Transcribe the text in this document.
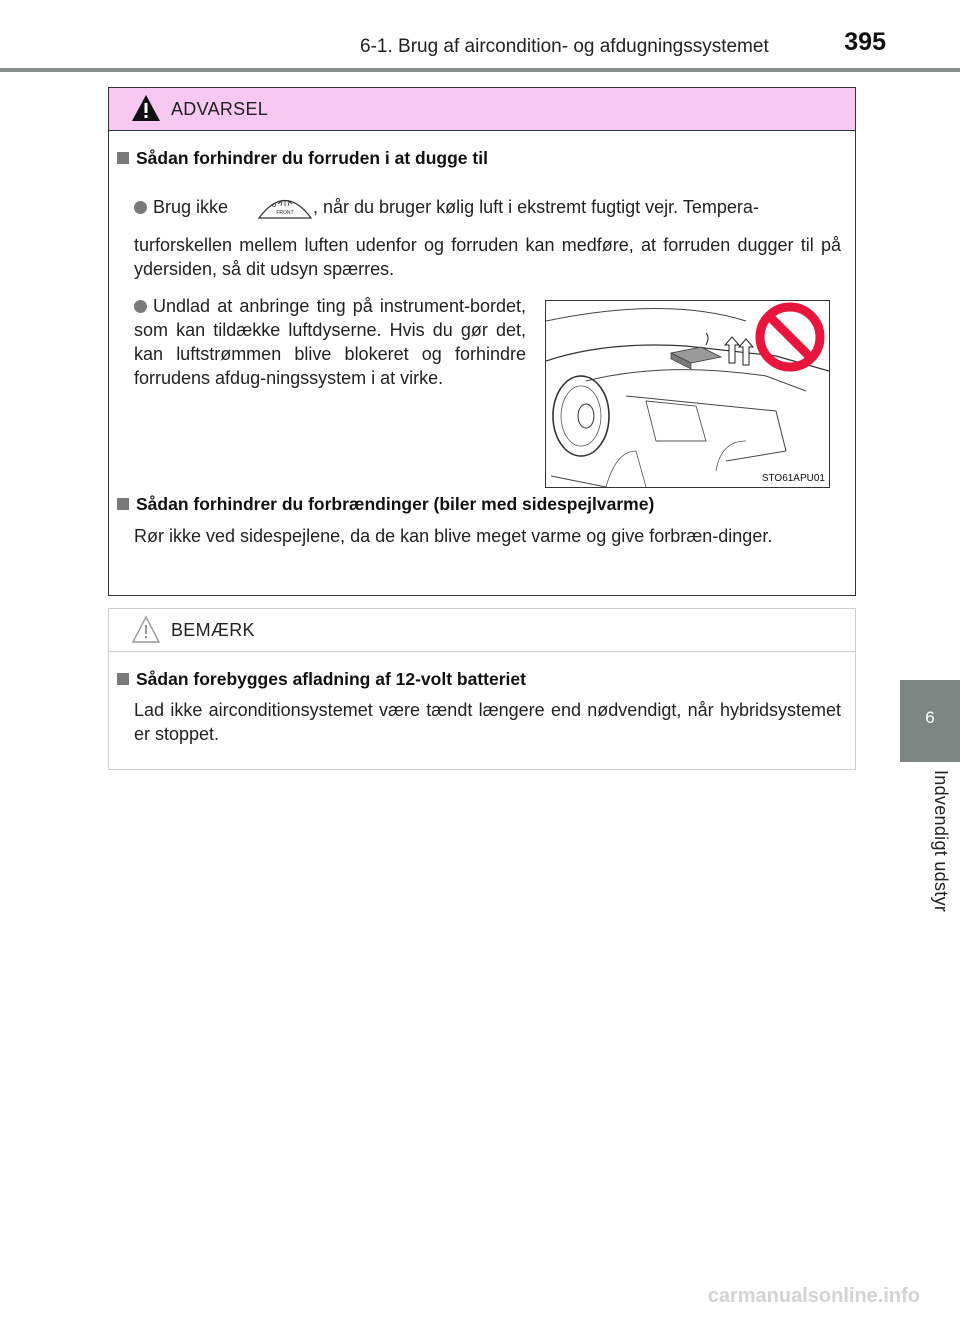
6-1. Brug af aircondition- og afdugningssystemet	395
6
Indvendigt udstyr
ADVARSEL
Sådan forhindrer du forruden i at dugge til
Brug ikke	FRONT , når du bruger kølig luft i ekstremt fugtigt vejr. Tempera-
turforskellen mellem luften udenfor og forruden kan medføre, at forruden dugger til på ydersiden, så dit udsyn spærres.
Undlad at anbringe ting på instrument-bordet, som kan tildække luftdyserne. Hvis du gør det, kan luftstrømmen blive blokeret og forhindre forrudens afdug-ningssystem i at virke.
STO61APU01
Sådan forhindrer du forbrændinger (biler med sidespejlvarme)
Rør ikke ved sidespejlene, da de kan blive meget varme og give forbræn-dinger.
BEMÆRK
Sådan forebygges afladning af 12-volt batteriet
Lad ikke airconditionsystemet være tændt længere end nødvendigt, når hybridsystemet er stoppet.
carmanualsonline.info
